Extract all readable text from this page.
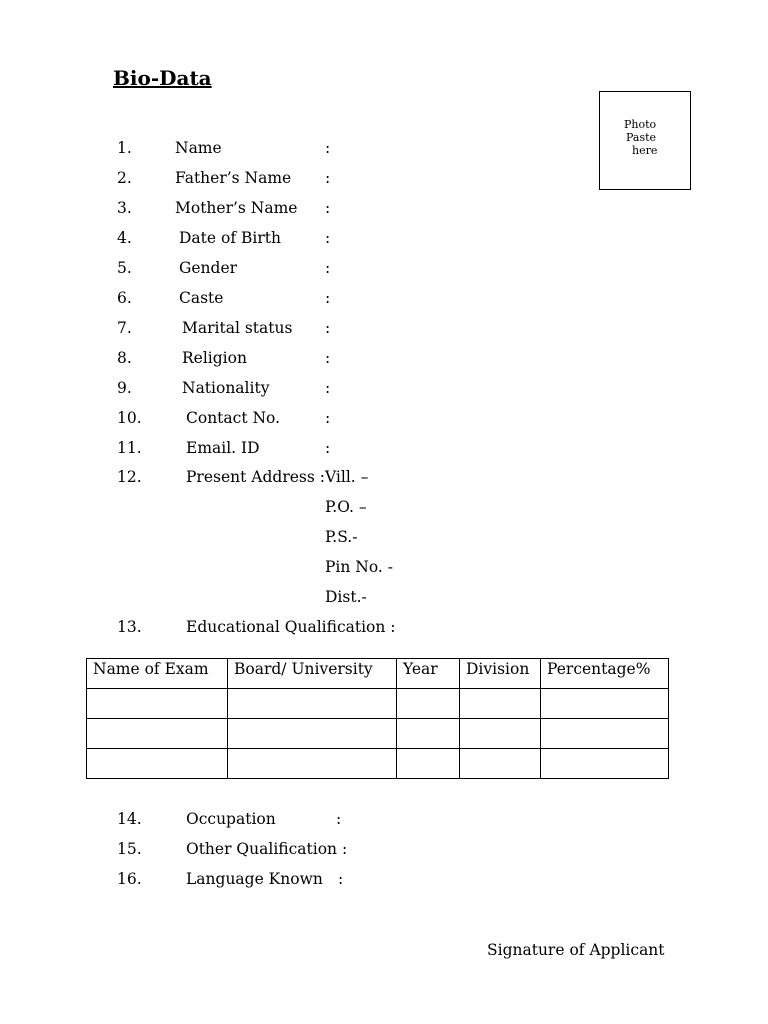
Bio-Data
Photo
Paste
here
1.	Name	:
2.	Father’s Name :
3.	Mother’s Name :
4.	Date of Birth	:
5.	Gender	:
6.	Caste	:
7.	Marital status :
8.	Religion	:
9.	Nationality	:
10.	Contact No.	:
11.	Email. ID	:
12.	Present Address : Vill. –
P.O. –
P.S.-
Pin No. -
Dist.-
13.	Educational Qualification :
Name of Exam	Board/ University	Year	Division	Percentage%

14.	Occupation	:
15.	Other Qualification :
16.	Language Known :
Signature of Applicant
